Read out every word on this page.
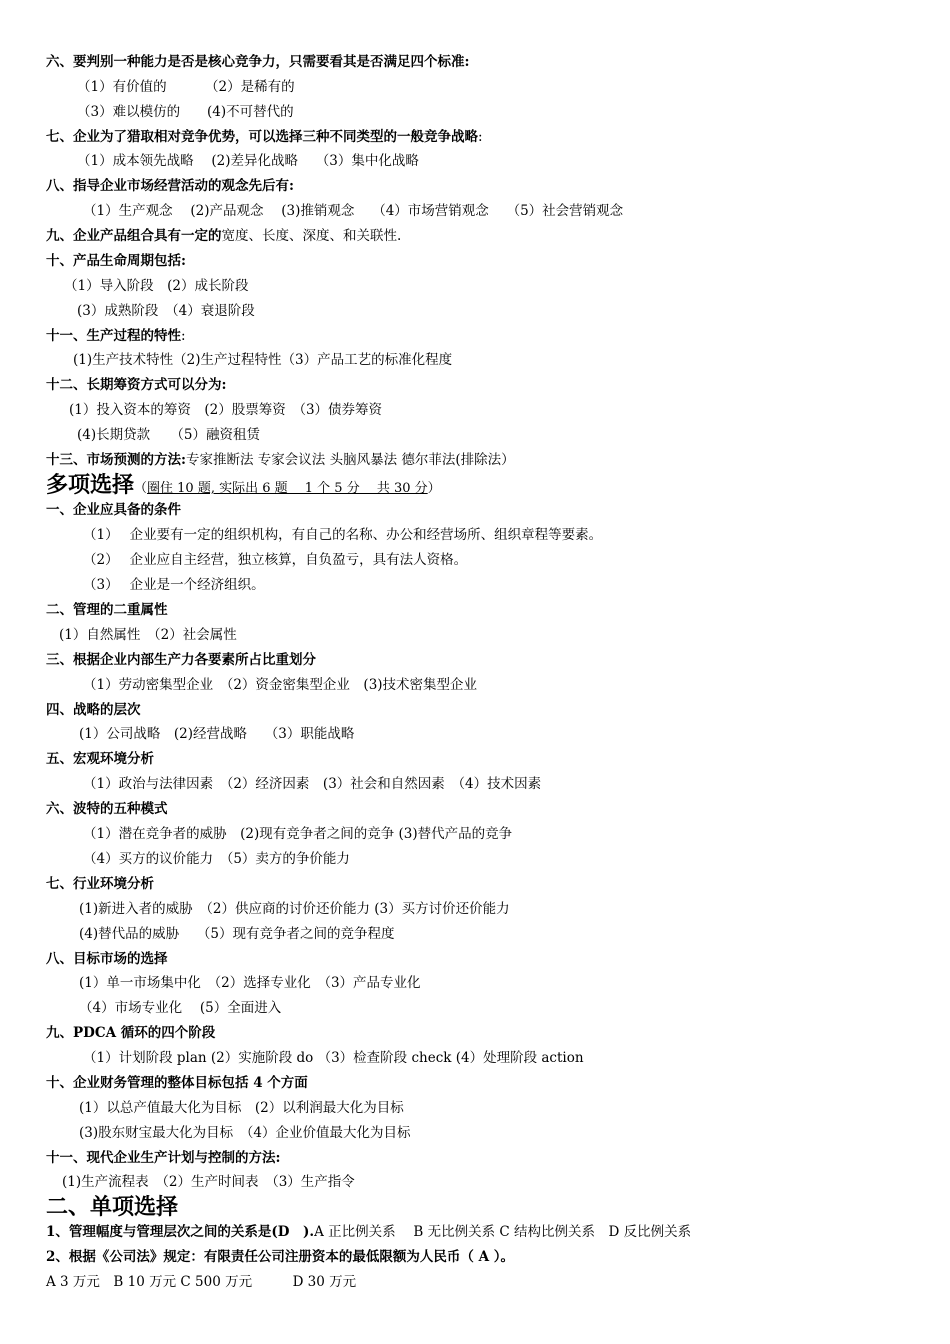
六、要判别一种能力是否是核心竞争力，只需要看其是否满足四个标准:
（1）有价值的	（2）是稀有的
（3）难以模仿的 (4)不可替代的
七、企业为了猎取相对竞争优势，可以选择三种不同类型的一般竞争战略:
（1）成本领先战略　 (2)差异化战略　 （3）集中化战略
八、指导企业市场经营活动的观念先后有:
（1）生产观念　 (2)产品观念　 (3)推销观念　 （4）市场营销观念　 （5）社会营销观念
九、企业产品组合具有一定的宽度、长度、深度、和关联性.
十、产品生命周期包括:
（1）导入阶段　(2）成长阶段
(3）成熟阶段　（4）衰退阶段
十一、生产过程的特性:
(1)生产技术特性（2)生产过程特性（3）产品工艺的标准化程度
十二、长期筹资方式可以分为:
(1）投入资本的筹资　(2）股票筹资　（3）债券筹资
(4)长期贷款　　（5）融资租赁
十三、市场预测的方法:专家推断法 专家会议法 头脑风暴法 德尔菲法(排除法）
多项选择（圈住 10 题, 实际出 6 题　 1 个 5 分　 共 30 分）
一、企业应具备的条件
（1）　 企业要有一定的组织机构，有自己的名称、办公和经营场所、组织章程等要素。
（2）　 企业应自主经营，独立核算，自负盈亏，具有法人资格。
（3）　 企业是一个经济组织。
二、管理的二重属性
(1）自然属性　（2）社会属性
三、根据企业内部生产力各要素所占比重划分
（1）劳动密集型企业　（2）资金密集型企业　(3)技术密集型企业
四、战略的层次
(1）公司战略　(2)经营战略　 （3）职能战略
五、宏观环境分析
（1）政治与法律因素　（2）经济因素　(3）社会和自然因素　（4）技术因素
六、波特的五种模式
（1）潜在竞争者的威胁　(2)现有竞争者之间的竞争 (3)替代产品的竞争
（4）买方的议价能力　（5）卖方的争价能力
七、行业环境分析
(1)新进入者的威胁　（2）供应商的讨价还价能力 (3）买方讨价还价能力
(4)替代品的威胁　 （5）现有竞争者之间的竞争程度
八、目标市场的选择
(1）单一市场集中化　（2）选择专业化　（3）产品专业化
（4）市场专业化　 (5）全面进入
九、PDCA 循环的四个阶段
（1）计划阶段 plan (2）实施阶段 do （3）检查阶段 check (4）处理阶段 action
十、企业财务管理的整体目标包括 4 个方面
(1）以总产值最大化为目标　(2）以利润最大化为目标
(3)股东财宝最大化为目标　（4）企业价值最大化为目标
十一、现代企业生产计划与控制的方法:
(1)生产流程表　（2）生产时间表　（3）生产指令
二、单项选择
1、管理幅度与管理层次之间的关系是(D　).A 正比例关系　 B 无比例关系 C 结构比例关系　D 反比例关系
2、根据《公司法》规定：有限责任公司注册资本的最低限额为人民币（ A ）。
A 3 万元　B 10 万元 C 500 万元　　　D 30 万元
